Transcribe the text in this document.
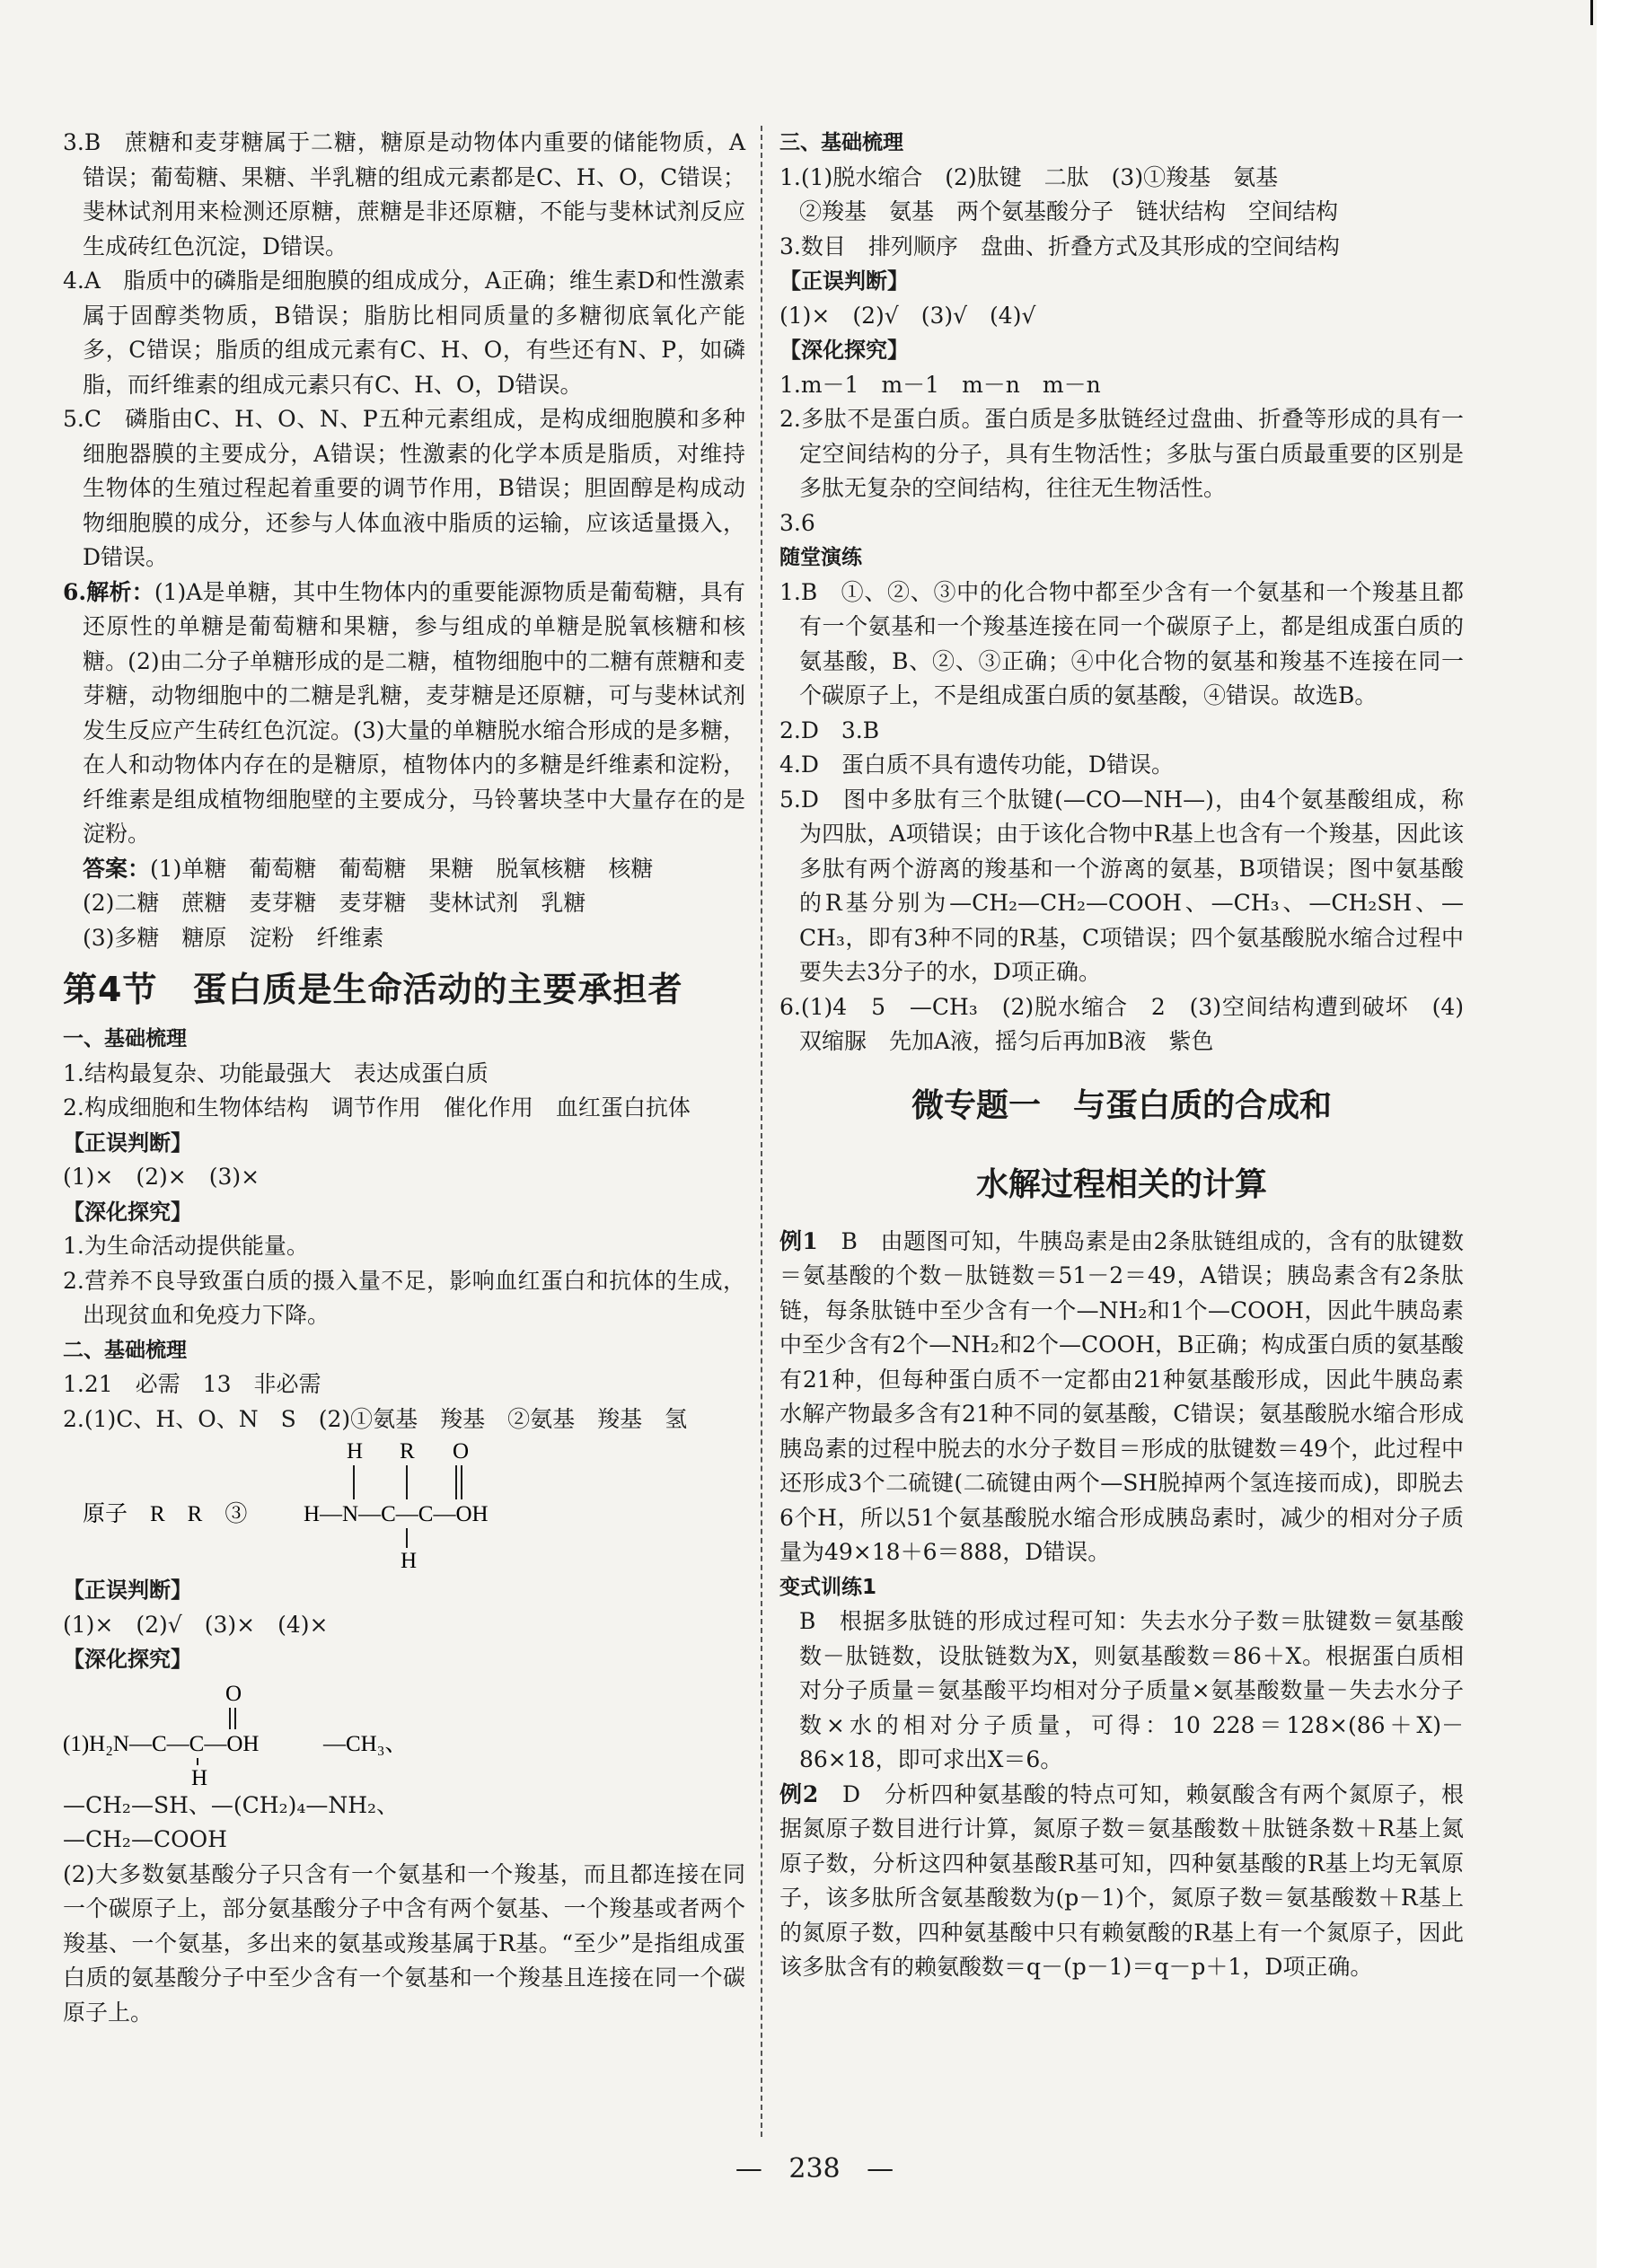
3.B　蔗糖和麦芽糖属于二糖，糖原是动物体内重要的储能物质，A错误；葡萄糖、果糖、半乳糖的组成元素都是C、H、O，C错误；斐林试剂用来检测还原糖，蔗糖是非还原糖，不能与斐林试剂反应生成砖红色沉淀，D错误。

4.A　脂质中的磷脂是细胞膜的组成成分，A正确；维生素D和性激素属于固醇类物质，B错误；脂肪比相同质量的多糖彻底氧化产能多，C错误；脂质的组成元素有C、H、O，有些还有N、P，如磷脂，而纤维素的组成元素只有C、H、O，D错误。

5.C　磷脂由C、H、O、N、P五种元素组成，是构成细胞膜和多种细胞器膜的主要成分，A错误；性激素的化学本质是脂质，对维持生物体的生殖过程起着重要的调节作用，B错误；胆固醇是构成动物细胞膜的成分，还参与人体血液中脂质的运输，应该适量摄入，D错误。

6.解析：(1)A是单糖，其中生物体内的重要能源物质是葡萄糖，具有还原性的单糖是葡萄糖和果糖，参与组成的单糖是脱氧核糖和核糖。(2)由二分子单糖形成的是二糖，植物细胞中的二糖有蔗糖和麦芽糖，动物细胞中的二糖是乳糖，麦芽糖是还原糖，可与斐林试剂发生反应产生砖红色沉淀。(3)大量的单糖脱水缩合形成的是多糖，在人和动物体内存在的是糖原，植物体内的多糖是纤维素和淀粉，纤维素是组成植物细胞壁的主要成分，马铃薯块茎中大量存在的是淀粉。

答案：(1)单糖　葡萄糖　葡萄糖　果糖　脱氧核糖　核糖

(2)二糖　蔗糖　麦芽糖　麦芽糖　斐林试剂　乳糖

(3)多糖　糖原　淀粉　纤维素

第4节　蛋白质是生命活动的主要承担者

一、基础梳理

1.结构最复杂、功能最强大　表达成蛋白质

2.构成细胞和生物体结构　调节作用　催化作用　血红蛋白抗体

【正误判断】

(1)×　(2)×　(3)×

【深化探究】

1.为生命活动提供能量。

2.营养不良导致蛋白质的摄入量不足，影响血红蛋白和抗体的生成，出现贫血和免疫力下降。

二、基础梳理

1.21　必需　13　非必需

2.(1)C、H、O、N　S　(2)①氨基　羧基　②氨基　羧基　氢

原子　R　R　③
H R O
H—N—C—C—OH
H

【正误判断】

(1)×　(2)√　(3)×　(4)×

【深化探究】

O
(1)H₂N—C—C—OH	—CH₃、
H

—CH₂—SH、—(CH₂)₄—NH₂、

—CH₂—COOH

(2)大多数氨基酸分子只含有一个氨基和一个羧基，而且都连接在同一个碳原子上，部分氨基酸分子中含有两个氨基、一个羧基或者两个羧基、一个氨基，多出来的氨基或羧基属于R基。“至少”是指组成蛋白质的氨基酸分子中至少含有一个氨基和一个羧基且连接在同一个碳原子上。

三、基础梳理

1.(1)脱水缩合　(2)肽键　二肽　(3)①羧基　氨基

②羧基　氨基　两个氨基酸分子　链状结构　空间结构

3.数目　排列顺序　盘曲、折叠方式及其形成的空间结构

【正误判断】

(1)×　(2)√　(3)√　(4)√

【深化探究】

1.m－1　m－1　m－n　m－n

2.多肽不是蛋白质。蛋白质是多肽链经过盘曲、折叠等形成的具有一定空间结构的分子，具有生物活性；多肽与蛋白质最重要的区别是多肽无复杂的空间结构，往往无生物活性。

3.6

随堂演练

1.B　①、②、③中的化合物中都至少含有一个氨基和一个羧基且都有一个氨基和一个羧基连接在同一个碳原子上，都是组成蛋白质的氨基酸，B、②、③正确；④中化合物的氨基和羧基不连接在同一个碳原子上，不是组成蛋白质的氨基酸，④错误。故选B。

2.D　3.B

4.D　蛋白质不具有遗传功能，D错误。

5.D　图中多肽有三个肽键(—CO—NH—)，由4个氨基酸组成，称为四肽，A项错误；由于该化合物中R基上也含有一个羧基，因此该多肽有两个游离的羧基和一个游离的氨基，B项错误；图中氨基酸的R基分别为—CH₂—CH₂—COOH、—CH₃、—CH₂SH、—CH₃，即有3种不同的R基，C项错误；四个氨基酸脱水缩合过程中要失去3分子的水，D项正确。

6.(1)4　5　—CH₃　(2)脱水缩合　2　(3)空间结构遭到破坏　(4)双缩脲　先加A液，摇匀后再加B液　紫色

微专题一　与蛋白质的合成和
水解过程相关的计算

例1　B　由题图可知，牛胰岛素是由2条肽链组成的，含有的肽键数＝氨基酸的个数－肽链数＝51－2＝49，A错误；胰岛素含有2条肽链，每条肽链中至少含有一个—NH₂和1个—COOH，因此牛胰岛素中至少含有2个—NH₂和2个—COOH，B正确；构成蛋白质的氨基酸有21种，但每种蛋白质不一定都由21种氨基酸形成，因此牛胰岛素水解产物最多含有21种不同的氨基酸，C错误；氨基酸脱水缩合形成胰岛素的过程中脱去的水分子数目＝形成的肽键数＝49个，此过程中还形成3个二硫键(二硫键由两个—SH脱掉两个氢连接而成)，即脱去6个H，所以51个氨基酸脱水缩合形成胰岛素时，减少的相对分子质量为49×18＋6＝888，D错误。

变式训练1

B　根据多肽链的形成过程可知：失去水分子数＝肽键数＝氨基酸数－肽链数，设肽链数为X，则氨基酸数＝86＋X。根据蛋白质相对分子质量＝氨基酸平均相对分子质量×氨基酸数量－失去水分子数×水的相对分子质量，可得：10 228＝128×(86＋X)－86×18，即可求出X＝6。

例2　D　分析四种氨基酸的特点可知，赖氨酸含有两个氮原子，根据氮原子数目进行计算，氮原子数＝氨基酸数＋肽链条数＋R基上氮原子数，分析这四种氨基酸R基可知，四种氨基酸的R基上均无氧原子，该多肽所含氨基酸数为(p－1)个，氮原子数＝氨基酸数＋R基上的氮原子数，四种氨基酸中只有赖氨酸的R基上有一个氮原子，因此该多肽含有的赖氨酸数＝q－(p－1)＝q－p＋1，D项正确。

— 238 —
